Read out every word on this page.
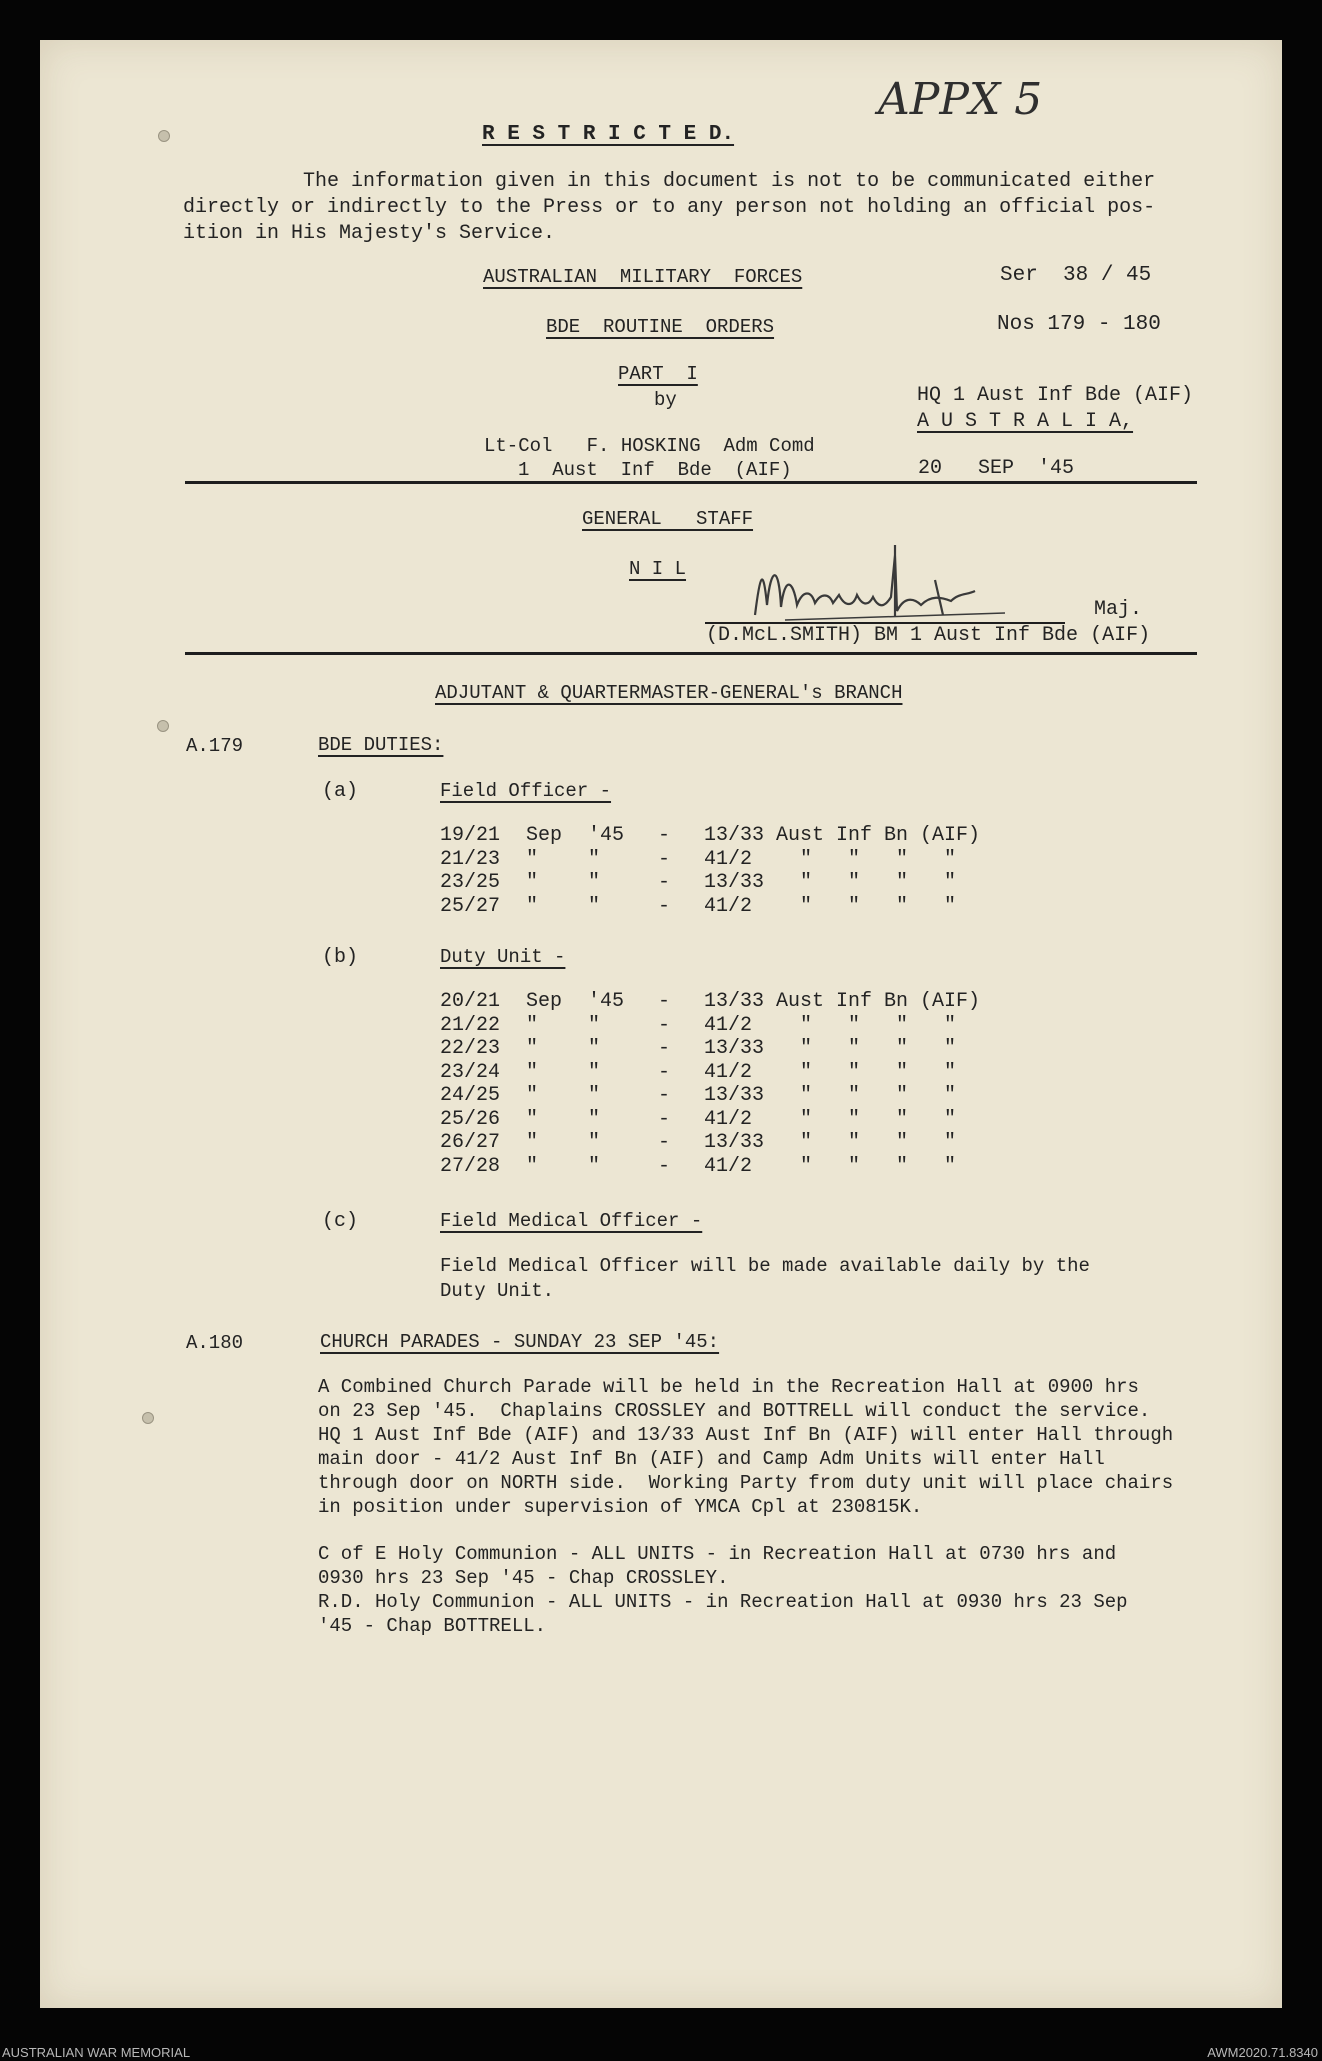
APPX 5
R E S T R I C T E D.
The information given in this document is not to be communicated either
directly or indirectly to the Press or to any person not holding an official pos-
ition in His Majesty's Service.
AUSTRALIAN  MILITARY  FORCES	Ser  38 / 45
BDE  ROUTINE  ORDERS	Nos 179 - 180
PART  I
by	HQ 1 Aust Inf Bde (AIF)
A U S T R A L I A,
Lt-Col   F. HOSKING  Adm Comd
1  Aust  Inf  Bde  (AIF)	20   SEP  '45
GENERAL   STAFF
N I L
Maj.
(D.McL.SMITH) BM 1 Aust Inf Bde (AIF)
ADJUTANT & QUARTERMASTER-GENERAL's BRANCH
A.179	BDE DUTIES:
(a)	Field Officer -
19/21 Sep '45 - 13/33 Aust Inf Bn (AIF)
21/23 " "	- 41/2    "   "   "   "
23/25 " "	- 13/33   "   "   "   "
25/27 " "	- 41/2    "   "   "   "
(b)	Duty Unit -
20/21 Sep '45 - 13/33 Aust Inf Bn (AIF)
21/22 " "	- 41/2    "   "   "   "
22/23 " "	- 13/33   "   "   "   "
23/24 " "	- 41/2    "   "   "   "
24/25 " "	- 13/33   "   "   "   "
25/26 " "	- 41/2    "   "   "   "
26/27 " "	- 13/33   "   "   "   "
27/28 " "	- 41/2    "   "   "   "
(c)	Field Medical Officer -
Field Medical Officer will be made available daily by the
Duty Unit.
A.180	CHURCH PARADES - SUNDAY 23 SEP '45:
A Combined Church Parade will be held in the Recreation Hall at 0900 hrs
on 23 Sep '45.  Chaplains CROSSLEY and BOTTRELL will conduct the service.
HQ 1 Aust Inf Bde (AIF) and 13/33 Aust Inf Bn (AIF) will enter Hall through
main door - 41/2 Aust Inf Bn (AIF) and Camp Adm Units will enter Hall
through door on NORTH side.  Working Party from duty unit will place chairs
in position under supervision of YMCA Cpl at 230815K.
C of E Holy Communion - ALL UNITS - in Recreation Hall at 0730 hrs and
0930 hrs 23 Sep '45 - Chap CROSSLEY.
R.D. Holy Communion - ALL UNITS - in Recreation Hall at 0930 hrs 23 Sep
'45 - Chap BOTTRELL.
AUSTRALIAN WAR MEMORIAL	AWM2020.71.8340
